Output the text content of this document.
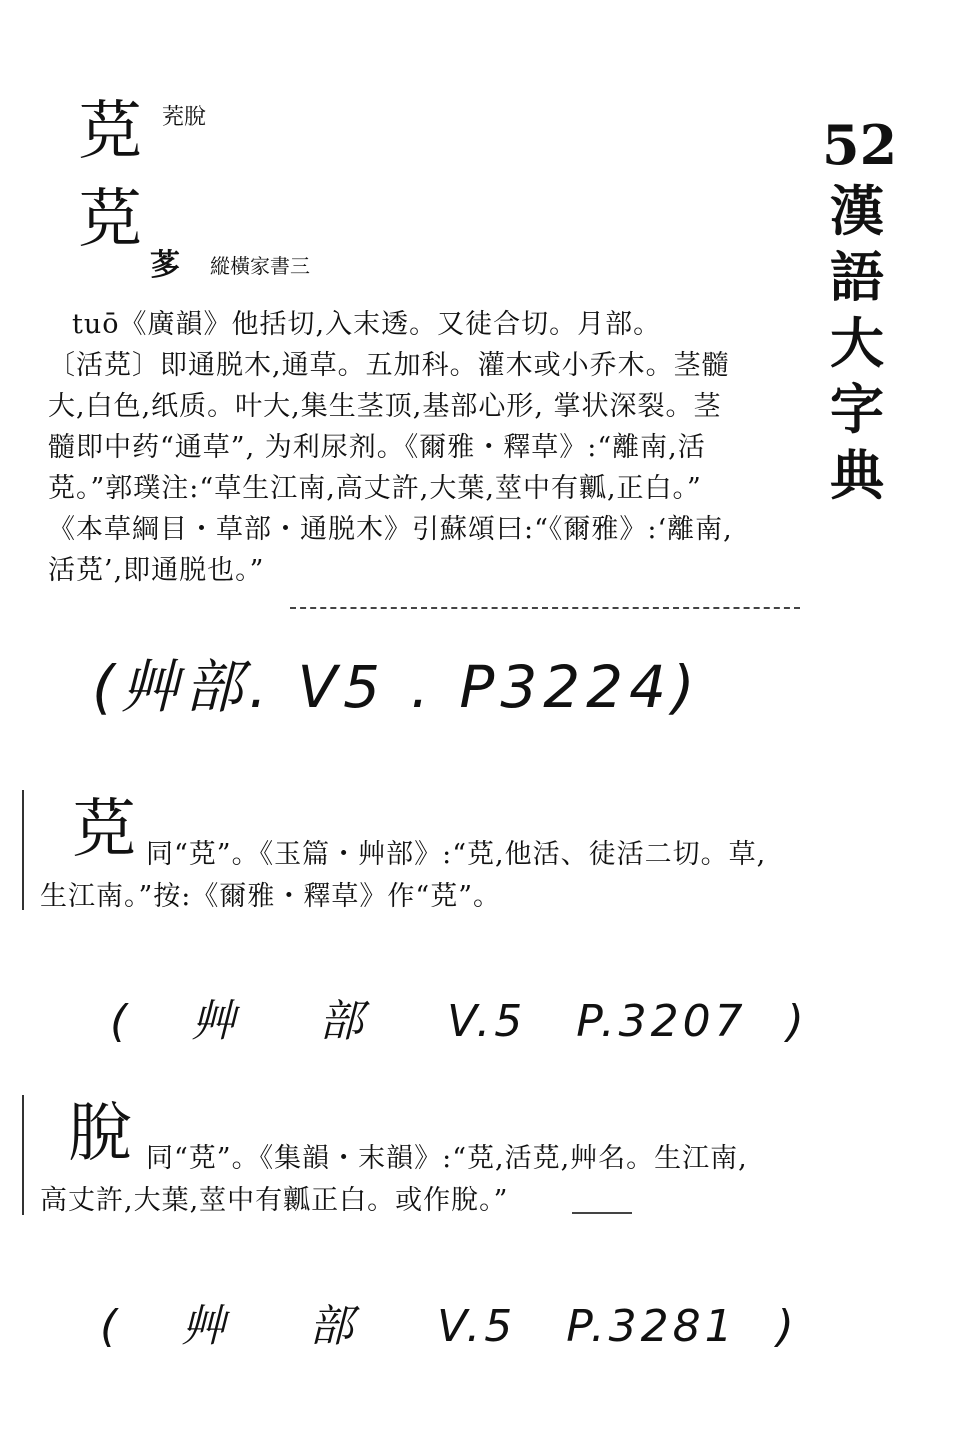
莌 茺脫
莌
茤 縱橫家書三
52
漢
語
大
字
典
tuō《廣韻》他括切,入末透。又徒合切。月部。
〔活莌〕即通脱木,通草。五加科。灌木或小乔木。茎髓
大,白色,纸质。叶大,集生茎顶,基部心形, 掌状深裂。茎
髓即中药“通草”, 为利尿剂。《爾雅・釋草》:“離南,活
莌。”郭璞注:“草生江南,高丈許,大葉,莖中有瓤,正白。”
《本草綱目・草部・通脱木》引蘇頌曰:“《爾雅》:‘離南,
活莌’,即通脱也。”
(艸部. V5 . P3224)
莌 同“莌”。《玉篇・艸部》:“莌,他活、徒活二切。草,
生江南。”按:《爾雅・釋草》作“莌”。
( 艸 部 V.5 P.3207 )
脫 同“莌”。《集韻・末韻》:“莌,活莌,艸名。生江南,
高丈許,大葉,莖中有瓤正白。或作脫。”
( 艸 部 V.5 P.3281 )
